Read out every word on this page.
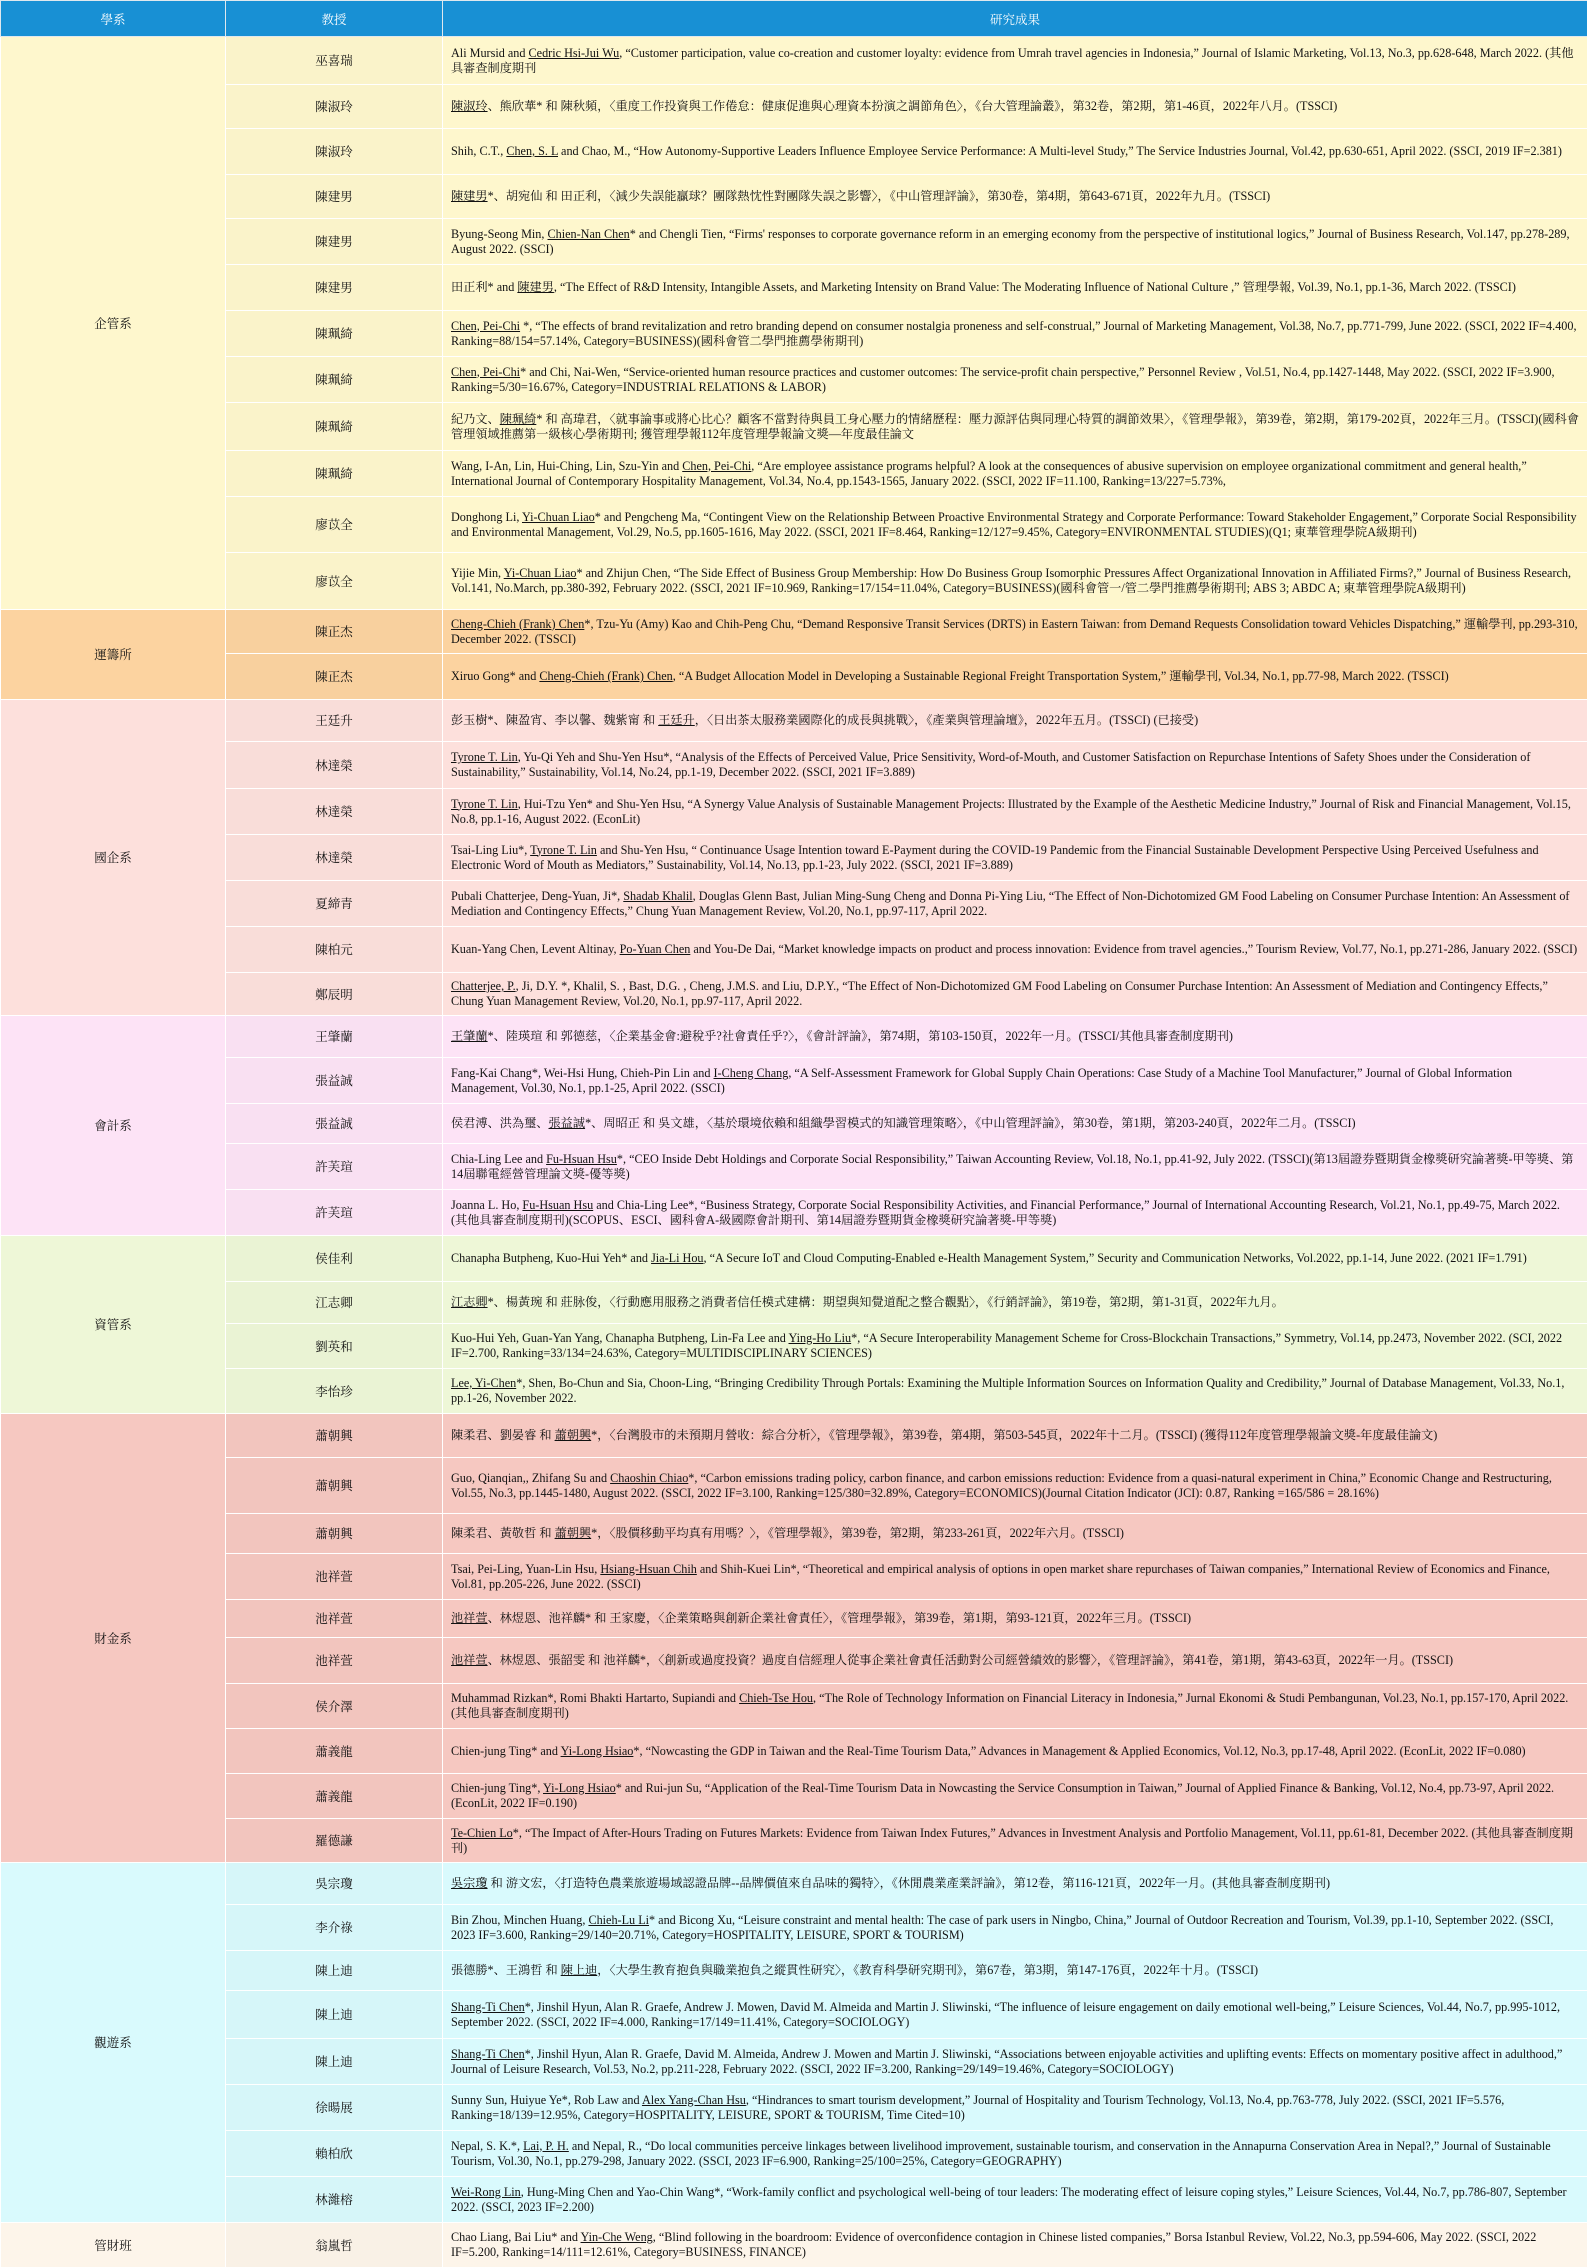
學系	教授	研究成果
企管系	巫喜瑞	Ali Mursid and Cedric Hsi-Jui Wu, “Customer participation, value co-creation and customer loyalty: evidence from Umrah travel agencies in Indonesia,” Journal of Islamic Marketing, Vol.13, No.3, pp.628-648, March 2022. (其他具審查制度期刊
	陳淑玲	陳淑玲、熊欣華* 和 陳秋頻，〈重度工作投資與工作倦怠：健康促進與心理資本扮演之調節角色〉，《台大管理論叢》，第32卷，第2期，第1-46頁，2022年八月。(TSSCI)
	陳淑玲	Shih, C.T., Chen, S. L and Chao, M., “How Autonomy-Supportive Leaders Influence Employee Service Performance: A Multi-level Study,” The Service Industries Journal, Vol.42, pp.630-651, April 2022. (SSCI, 2019 IF=2.381)
	陳建男	陳建男*、胡宛仙 和 田正利，〈減少失誤能贏球？團隊熱忱性對團隊失誤之影響〉，《中山管理評論》，第30卷，第4期，第643-671頁，2022年九月。(TSSCI)
	陳建男	Byung-Seong Min, Chien-Nan Chen* and Chengli Tien, “Firms' responses to corporate governance reform in an emerging economy from the perspective of institutional logics,” Journal of Business Research, Vol.147, pp.278-289, August 2022. (SSCI)
	陳建男	田正利* and 陳建男, “The Effect of R&D Intensity, Intangible Assets, and Marketing Intensity on Brand Value: The Moderating Influence of National Culture ,” 管理學報, Vol.39, No.1, pp.1-36, March 2022. (TSSCI)
	陳珮綺	Chen, Pei-Chi *, “The effects of brand revitalization and retro branding depend on consumer nostalgia proneness and self-construal,” Journal of Marketing Management, Vol.38, No.7, pp.771-799, June 2022. (SSCI, 2022 IF=4.400, Ranking=88/154=57.14%, Category=BUSINESS)(國科會管二學門推薦學術期刊)
	陳珮綺	Chen, Pei-Chi* and Chi, Nai-Wen, “Service-oriented human resource practices and customer outcomes: The service-profit chain perspective,” Personnel Review , Vol.51, No.4, pp.1427-1448, May 2022. (SSCI, 2022 IF=3.900, Ranking=5/30=16.67%, Category=INDUSTRIAL RELATIONS & LABOR)
	陳珮綺	紀乃文、陳珮綺* 和 高瑋君，〈就事論事或將心比心？顧客不當對待與員工身心壓力的情緒歷程：壓力源評估與同理心特質的調節效果〉，《管理學報》，第39卷，第2期，第179-202頁，2022年三月。(TSSCI)(國科會管理領域推薦第一級核心學術期刊; 獲管理學報112年度管理學報論文獎—年度最佳論文
	陳珮綺	Wang, I-An, Lin, Hui-Ching, Lin, Szu-Yin and Chen, Pei-Chi, “Are employee assistance programs helpful? A look at the consequences of abusive supervision on employee organizational commitment and general health,” International Journal of Contemporary Hospitality Management, Vol.34, No.4, pp.1543-1565, January 2022. (SSCI, 2022 IF=11.100, Ranking=13/227=5.73%,
	廖苡全	Donghong Li, Yi-Chuan Liao* and Pengcheng Ma, “Contingent View on the Relationship Between Proactive Environmental Strategy and Corporate Performance: Toward Stakeholder Engagement,” Corporate Social Responsibility and Environmental Management, Vol.29, No.5, pp.1605-1616, May 2022. (SSCI, 2021 IF=8.464, Ranking=12/127=9.45%, Category=ENVIRONMENTAL STUDIES)(Q1; 東華管理學院A級期刊)
	廖苡全	Yijie Min, Yi-Chuan Liao* and Zhijun Chen, “The Side Effect of Business Group Membership: How Do Business Group Isomorphic Pressures Affect Organizational Innovation in Affiliated Firms?,” Journal of Business Research, Vol.141, No.March, pp.380-392, February 2022. (SSCI, 2021 IF=10.969, Ranking=17/154=11.04%, Category=BUSINESS)(國科會管一/管二學門推薦學術期刊; ABS 3; ABDC A; 東華管理學院A級期刊)
運籌所	陳正杰	Cheng-Chieh (Frank) Chen*, Tzu-Yu (Amy) Kao and Chih-Peng Chu, “Demand Responsive Transit Services (DRTS) in Eastern Taiwan: from Demand Requests Consolidation toward Vehicles Dispatching,” 運輸學刊, pp.293-310, December 2022. (TSSCI)
	陳正杰	Xiruo Gong* and Cheng-Chieh (Frank) Chen, “A Budget Allocation Model in Developing a Sustainable Regional Freight Transportation System,” 運輸學刊, Vol.34, No.1, pp.77-98, March 2022. (TSSCI)
國企系	王廷升	彭玉樹*、陳盈宵、李以馨、魏紫甯 和 王廷升，〈日出茶太服務業國際化的成長與挑戰〉，《產業與管理論壇》，2022年五月。(TSSCI) (已接受)
	林達榮	Tyrone T. Lin, Yu-Qi Yeh and Shu-Yen Hsu*, “Analysis of the Effects of Perceived Value, Price Sensitivity, Word-of-Mouth, and Customer Satisfaction on Repurchase Intentions of Safety Shoes under the Consideration of Sustainability,” Sustainability, Vol.14, No.24, pp.1-19, December 2022. (SSCI, 2021 IF=3.889)
	林達榮	Tyrone T. Lin, Hui-Tzu Yen* and Shu-Yen Hsu, “A Synergy Value Analysis of Sustainable Management Projects: Illustrated by the Example of the Aesthetic Medicine Industry,” Journal of Risk and Financial Management, Vol.15, No.8, pp.1-16, August 2022. (EconLit)
	林達榮	Tsai-Ling Liu*, Tyrone T. Lin and Shu-Yen Hsu, “ Continuance Usage Intention toward E-Payment during the COVID-19 Pandemic from the Financial Sustainable Development Perspective Using Perceived Usefulness and Electronic Word of Mouth as Mediators,” Sustainability, Vol.14, No.13, pp.1-23, July 2022. (SSCI, 2021 IF=3.889)
	夏締青	Pubali Chatterjee, Deng-Yuan, Ji*, Shadab Khalil, Douglas Glenn Bast, Julian Ming-Sung Cheng and Donna Pi-Ying Liu, “The Effect of Non-Dichotomized GM Food Labeling on Consumer Purchase Intention: An Assessment of Mediation and Contingency Effects,” Chung Yuan Management Review, Vol.20, No.1, pp.97-117, April 2022.
	陳柏元	Kuan-Yang Chen, Levent Altinay, Po-Yuan Chen and You-De Dai, “Market knowledge impacts on product and process innovation: Evidence from travel agencies.,” Tourism Review, Vol.77, No.1, pp.271-286, January 2022. (SSCI)
	鄭辰明	Chatterjee, P., Ji, D.Y. *, Khalil, S. , Bast, D.G. , Cheng, J.M.S. and Liu, D.P.Y., “The Effect of Non-Dichotomized GM Food Labeling on Consumer Purchase Intention: An Assessment of Mediation and Contingency Effects,” Chung Yuan Management Review, Vol.20, No.1, pp.97-117, April 2022.
會計系	王肇蘭	王肇蘭*、陸瑛瑄 和 郭德慈，〈企業基金會:避稅乎?社會責任乎?〉，《會計評論》，第74期，第103-150頁，2022年一月。(TSSCI/其他具審查制度期刊)
	張益誠	Fang-Kai Chang*, Wei-Hsi Hung, Chieh-Pin Lin and I-Cheng Chang, “A Self-Assessment Framework for Global Supply Chain Operations: Case Study of a Machine Tool Manufacturer,” Journal of Global Information Management, Vol.30, No.1, pp.1-25, April 2022. (SSCI)
	張益誠	侯君溥、洪為璽、張益誠*、周昭正 和 吳文雄，〈基於環境依賴和組織學習模式的知識管理策略〉，《中山管理評論》，第30卷，第1期，第203-240頁，2022年二月。(TSSCI)
	許芙瑄	Chia-Ling Lee and Fu-Hsuan Hsu*, “CEO Inside Debt Holdings and Corporate Social Responsibility,” Taiwan Accounting Review, Vol.18, No.1, pp.41-92, July 2022. (TSSCI)(第13屆證券暨期貨金橡獎研究論著獎-甲等獎、第14屆聯電經營管理論文獎-優等獎)
	許芙瑄	Joanna L. Ho, Fu-Hsuan Hsu and Chia-Ling Lee*, “Business Strategy, Corporate Social Responsibility Activities, and Financial Performance,” Journal of International Accounting Research, Vol.21, No.1, pp.49-75, March 2022. (其他具審查制度期刊)(SCOPUS、ESCI、國科會A-級國際會計期刊、第14屆證券暨期貨金橡獎研究論著獎-甲等獎)
資管系	侯佳利	Chanapha Butpheng, Kuo-Hui Yeh* and Jia-Li Hou, “A Secure IoT and Cloud Computing-Enabled e-Health Management System,” Security and Communication Networks, Vol.2022, pp.1-14, June 2022. (2021 IF=1.791)
	江志卿	江志卿*、楊黃琬 和 莊脉俊，〈行動應用服務之消費者信任模式建構：期望與知覺道配之整合觀點〉，《行銷評論》，第19卷，第2期，第1-31頁，2022年九月。
	劉英和	Kuo-Hui Yeh, Guan-Yan Yang, Chanapha Butpheng, Lin-Fa Lee and Ying-Ho Liu*, “A Secure Interoperability Management Scheme for Cross-Blockchain Transactions,” Symmetry, Vol.14, pp.2473, November 2022. (SCI, 2022 IF=2.700, Ranking=33/134=24.63%, Category=MULTIDISCIPLINARY SCIENCES)
	李怡珍	Lee, Yi-Chen*, Shen, Bo-Chun and Sia, Choon-Ling, “Bringing Credibility Through Portals: Examining the Multiple Information Sources on Information Quality and Credibility,” Journal of Database Management, Vol.33, No.1, pp.1-26, November 2022.
財金系	蕭朝興	陳柔君、劉晏睿 和 蕭朝興*，〈台灣股市的未預期月營收：綜合分析〉，《管理學報》，第39卷，第4期，第503-545頁，2022年十二月。(TSSCI) (獲得112年度管理學報論文獎-年度最佳論文)
	蕭朝興	Guo, Qianqian,, Zhifang Su and Chaoshin Chiao*, “Carbon emissions trading policy, carbon finance, and carbon emissions reduction: Evidence from a quasi-natural experiment in China,” Economic Change and Restructuring, Vol.55, No.3, pp.1445-1480, August 2022. (SSCI, 2022 IF=3.100, Ranking=125/380=32.89%, Category=ECONOMICS)(Journal Citation Indicator (JCI): 0.87, Ranking =165/586 = 28.16%)
	蕭朝興	陳柔君、黃敬哲 和 蕭朝興*，〈股價移動平均真有用嗎？〉，《管理學報》，第39卷，第2期，第233-261頁，2022年六月。(TSSCI)
	池祥萱	Tsai, Pei-Ling, Yuan-Lin Hsu, Hsiang-Hsuan Chih and Shih-Kuei Lin*, “Theoretical and empirical analysis of options in open market share repurchases of Taiwan companies,” International Review of Economics and Finance, Vol.81, pp.205-226, June 2022. (SSCI)
	池祥萱	池祥萱、林煜恩、池祥麟* 和 王家慶，〈企業策略與創新企業社會責任〉，《管理學報》，第39卷，第1期，第93-121頁，2022年三月。(TSSCI)
	池祥萱	池祥萱、林煜恩、張韶雯 和 池祥麟*，〈創新或過度投資？過度自信經理人從事企業社會責任活動對公司經營績效的影響〉，《管理評論》，第41卷，第1期，第43-63頁，2022年一月。(TSSCI)
	侯介澤	Muhammad Rizkan*, Romi Bhakti Hartarto, Supiandi and Chieh-Tse Hou, “The Role of Technology Information on Financial Literacy in Indonesia,” Jurnal Ekonomi & Studi Pembangunan, Vol.23, No.1, pp.157-170, April 2022. (其他具審查制度期刊)
	蕭義龍	Chien-jung Ting* and Yi-Long Hsiao*, “Nowcasting the GDP in Taiwan and the Real-Time Tourism Data,” Advances in Management & Applied Economics, Vol.12, No.3, pp.17-48, April 2022. (EconLit, 2022 IF=0.080)
	蕭義龍	Chien-jung Ting*, Yi-Long Hsiao* and Rui-jun Su, “Application of the Real-Time Tourism Data in Nowcasting the Service Consumption in Taiwan,” Journal of Applied Finance & Banking, Vol.12, No.4, pp.73-97, April 2022. (EconLit, 2022 IF=0.190)
	羅德謙	Te-Chien Lo*, “The Impact of After-Hours Trading on Futures Markets: Evidence from Taiwan Index Futures,” Advances in Investment Analysis and Portfolio Management, Vol.11, pp.61-81, December 2022. (其他具審查制度期刊)
觀遊系	吳宗瓊	吳宗瓊 和 游文宏，〈打造特色農業旅遊場域認證品牌--品牌價值來自品味的獨特〉，《休閒農業產業評論》，第12卷，第116-121頁，2022年一月。(其他具審查制度期刊)
	李介祿	Bin Zhou, Minchen Huang, Chieh-Lu Li* and Bicong Xu, “Leisure constraint and mental health: The case of park users in Ningbo, China,” Journal of Outdoor Recreation and Tourism, Vol.39, pp.1-10, September 2022. (SSCI, 2023 IF=3.600, Ranking=29/140=20.71%, Category=HOSPITALITY, LEISURE, SPORT & TOURISM)
	陳上迪	張德勝*、王鴻哲 和 陳上迪，〈大學生教育抱負與職業抱負之縱貫性研究〉，《教育科學研究期刊》，第67卷，第3期，第147-176頁，2022年十月。(TSSCI)
	陳上迪	Shang-Ti Chen*, Jinshil Hyun, Alan R. Graefe, Andrew J. Mowen, David M. Almeida and Martin J. Sliwinski, “The influence of leisure engagement on daily emotional well-being,” Leisure Sciences, Vol.44, No.7, pp.995-1012, September 2022. (SSCI, 2022 IF=4.000, Ranking=17/149=11.41%, Category=SOCIOLOGY)
	陳上迪	Shang-Ti Chen*, Jinshil Hyun, Alan R. Graefe, David M. Almeida, Andrew J. Mowen and Martin J. Sliwinski, “Associations between enjoyable activities and uplifting events: Effects on momentary positive affect in adulthood,” Journal of Leisure Research, Vol.53, No.2, pp.211-228, February 2022. (SSCI, 2022 IF=3.200, Ranking=29/149=19.46%, Category=SOCIOLOGY)
	徐暘展	Sunny Sun, Huiyue Ye*, Rob Law and Alex Yang-Chan Hsu, “Hindrances to smart tourism development,” Journal of Hospitality and Tourism Technology, Vol.13, No.4, pp.763-778, July 2022. (SSCI, 2021 IF=5.576, Ranking=18/139=12.95%, Category=HOSPITALITY, LEISURE, SPORT & TOURISM, Time Cited=10)
	賴柏欣	Nepal, S. K.*, Lai, P. H. and Nepal, R., “Do local communities perceive linkages between livelihood improvement, sustainable tourism, and conservation in the Annapurna Conservation Area in Nepal?,” Journal of Sustainable Tourism, Vol.30, No.1, pp.279-298, January 2022. (SSCI, 2023 IF=6.900, Ranking=25/100=25%, Category=GEOGRAPHY)
	林濰榕	Wei-Rong Lin, Hung-Ming Chen and Yao-Chin Wang*, “Work-family conflict and psychological well-being of tour leaders: The moderating effect of leisure coping styles,” Leisure Sciences, Vol.44, No.7, pp.786-807, September 2022. (SSCI, 2023 IF=2.200)
管財班	翁嵐哲	Chao Liang, Bai Liu* and Yin-Che Weng, “Blind following in the boardroom: Evidence of overconfidence contagion in Chinese listed companies,” Borsa Istanbul Review, Vol.22, No.3, pp.594-606, May 2022. (SSCI, 2022 IF=5.200, Ranking=14/111=12.61%, Category=BUSINESS, FINANCE)
